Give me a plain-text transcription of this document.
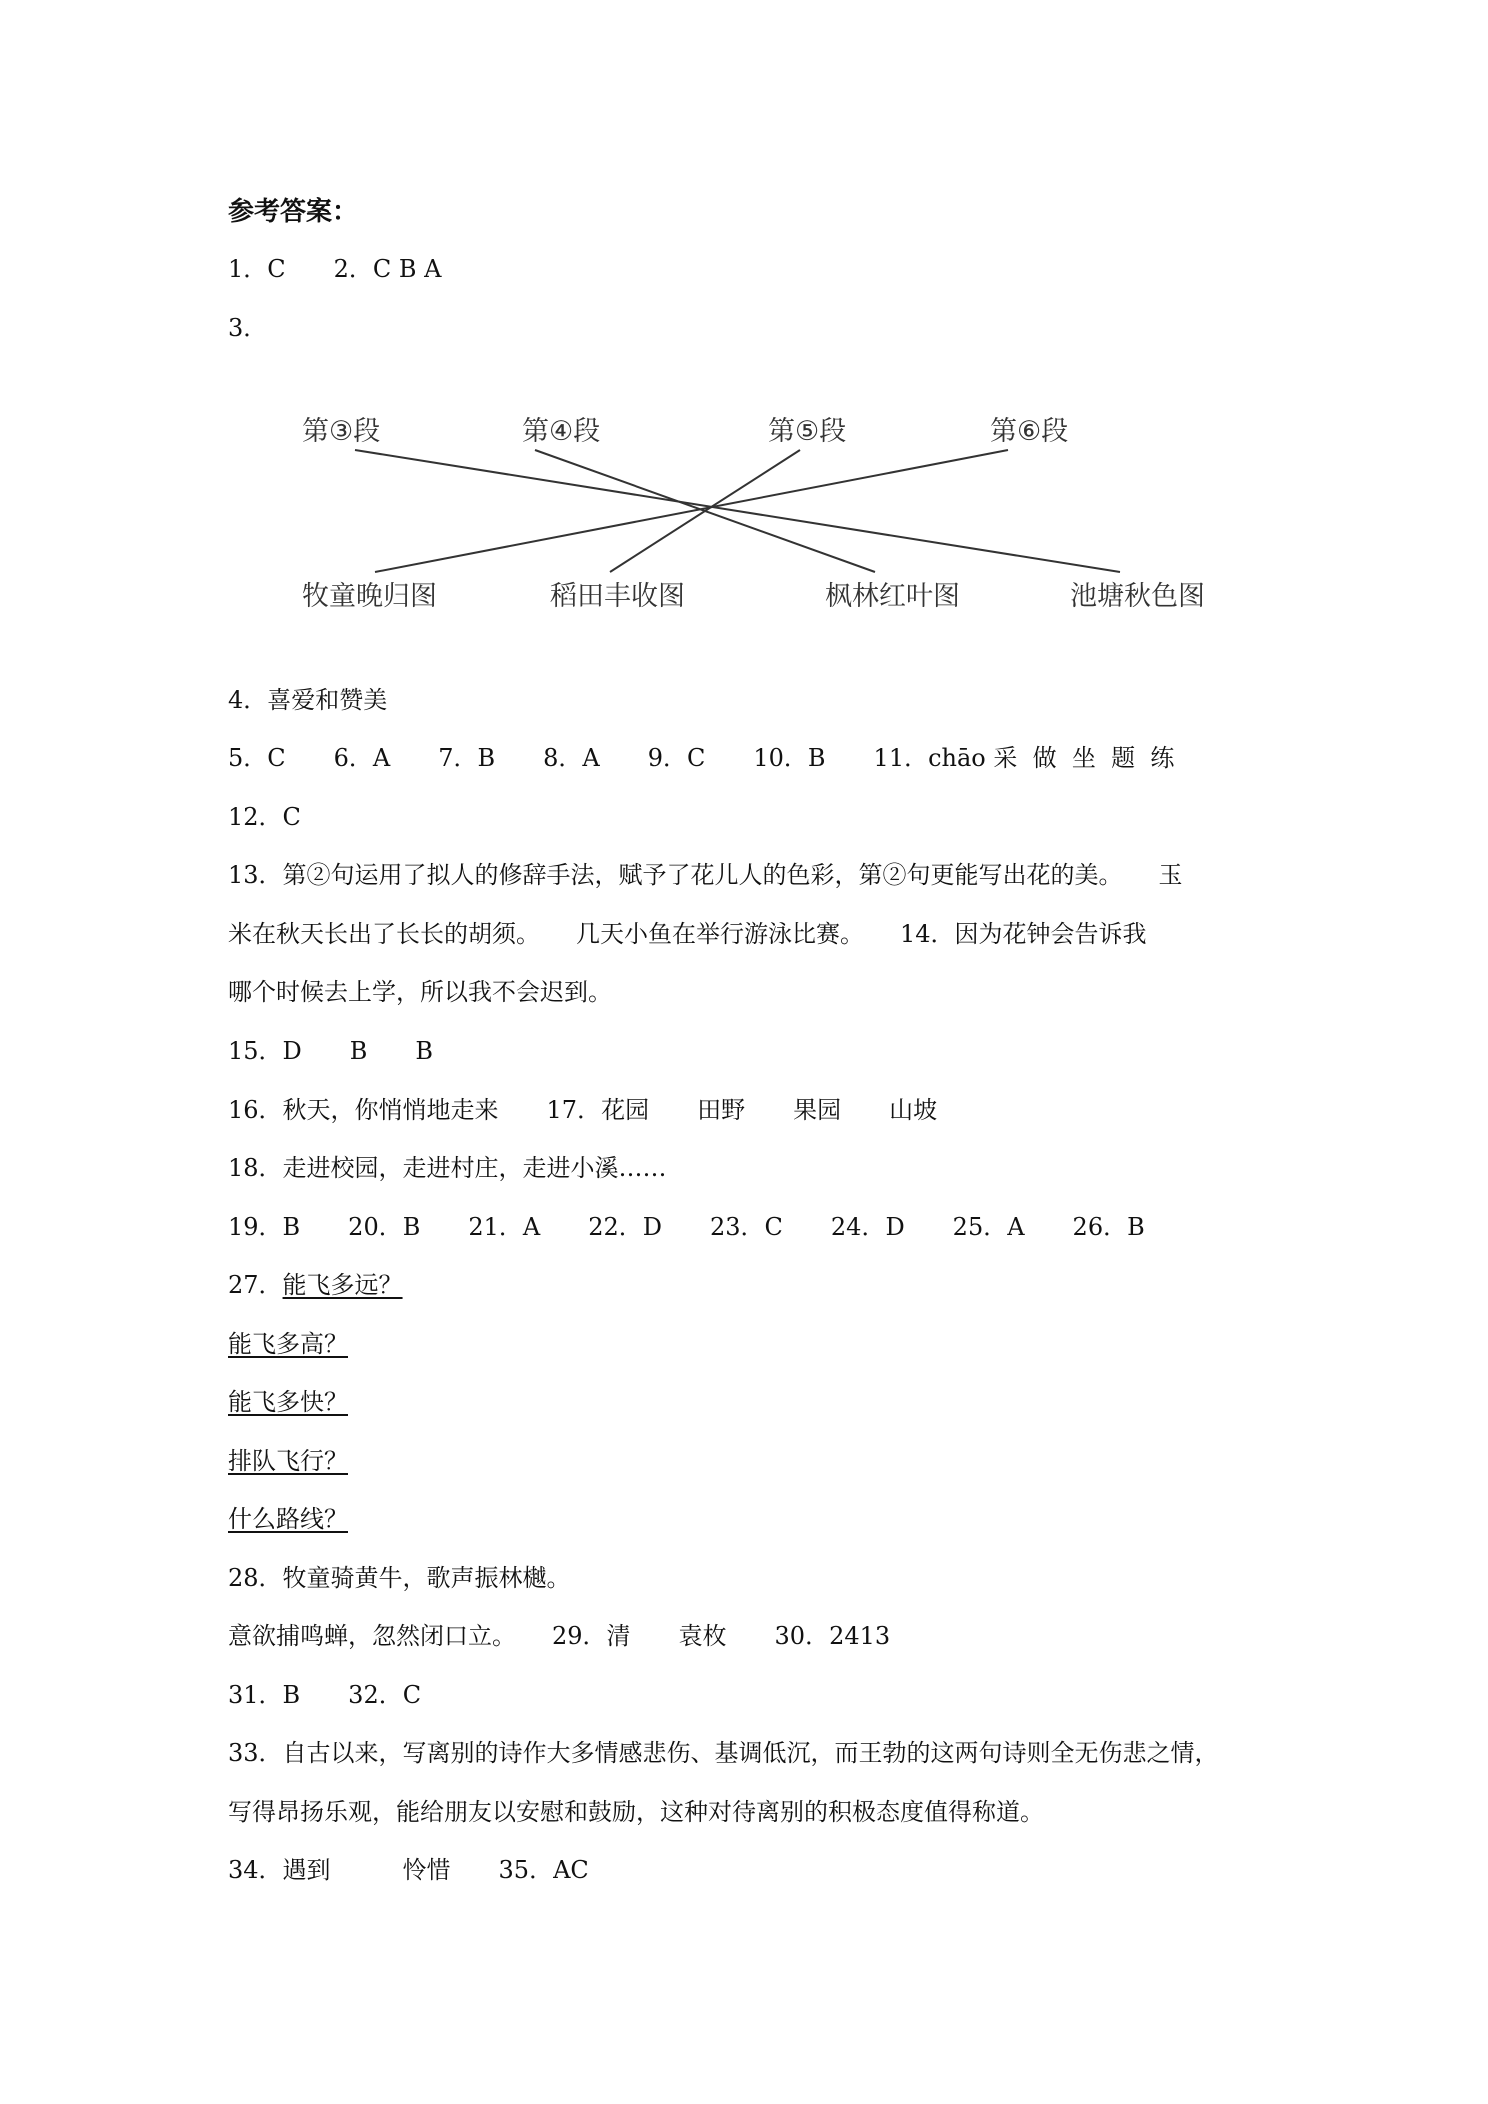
参考答案：
1．C　　2．C B A
3．
第③段	第④段	第⑤段	第⑥段
牧童晚归图	稻田丰收图	枫林红叶图	池塘秋色图
4．喜爱和赞美
5．C　　6．A　　7．B　　8．A　　9．C　　10．B　　11．chāo 采  做  坐  题  练
12．C
13．第②句运用了拟人的修辞手法，赋予了花儿人的色彩，第②句更能写出花的美。　　玉
米在秋天长出了长长的胡须。　　几天小鱼在举行游泳比赛。　　14．因为花钟会告诉我
哪个时候去上学，所以我不会迟到。
15．D　　B　　B
16．秋天，你悄悄地走来　　17．花园　　田野　　果园　　山坡
18．走进校园，走进村庄，走进小溪……
19．B　　20．B　　21．A　　22．D　　23．C　　24．D　　25．A　　26．B
27．能飞多远？
能飞多高？
能飞多快？
排队飞行？
什么路线？
28．牧童骑黄牛，歌声振林樾。
意欲捕鸣蝉，忽然闭口立。　　29．清　　袁枚　　30．2413
31．B　　32．C
33．自古以来，写离别的诗作大多情感悲伤、基调低沉，而王勃的这两句诗则全无伤悲之情，
写得昂扬乐观，能给朋友以安慰和鼓励，这种对待离别的积极态度值得称道。
34．遇到　　　怜惜　　35．AC
